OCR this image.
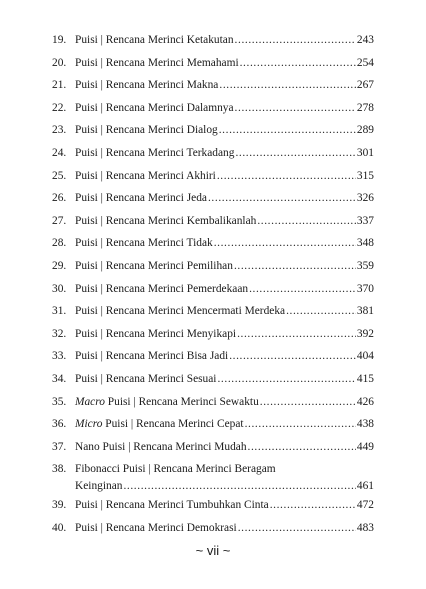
19. Puisi | Rencana Merinci Ketakutan .....	243
20. Puisi | Rencana Merinci Memahami .....	254
21. Puisi | Rencana Merinci Makna .....	267
22. Puisi | Rencana Merinci Dalamnya .....	278
23. Puisi | Rencana Merinci Dialog .....	289
24. Puisi | Rencana Merinci Terkadang .....	301
25. Puisi | Rencana Merinci Akhiri .....	315
26. Puisi | Rencana Merinci Jeda .....	326
27. Puisi | Rencana Merinci Kembalikanlah .....	337
28. Puisi | Rencana Merinci Tidak .....	348
29. Puisi | Rencana Merinci Pemilihan .....	359
30. Puisi | Rencana Merinci Pemerdekaan .....	370
31. Puisi | Rencana Merinci Mencermati Merdeka .....	381
32. Puisi | Rencana Merinci Menyikapi .....	392
33. Puisi | Rencana Merinci Bisa Jadi .....	404
34. Puisi | Rencana Merinci Sesuai .....	415
35. Macro Puisi | Rencana Merinci Sewaktu .....	426
36. Micro Puisi | Rencana Merinci Cepat .....	438
37. Nano Puisi | Rencana Merinci Mudah .....	449
38. Fibonacci Puisi | Rencana Merinci Beragam
Keinginan .....	461
39. Puisi | Rencana Merinci Tumbuhkan Cinta .....	472
40. Puisi | Rencana Merinci Demokrasi .....	483
~ vii ~
